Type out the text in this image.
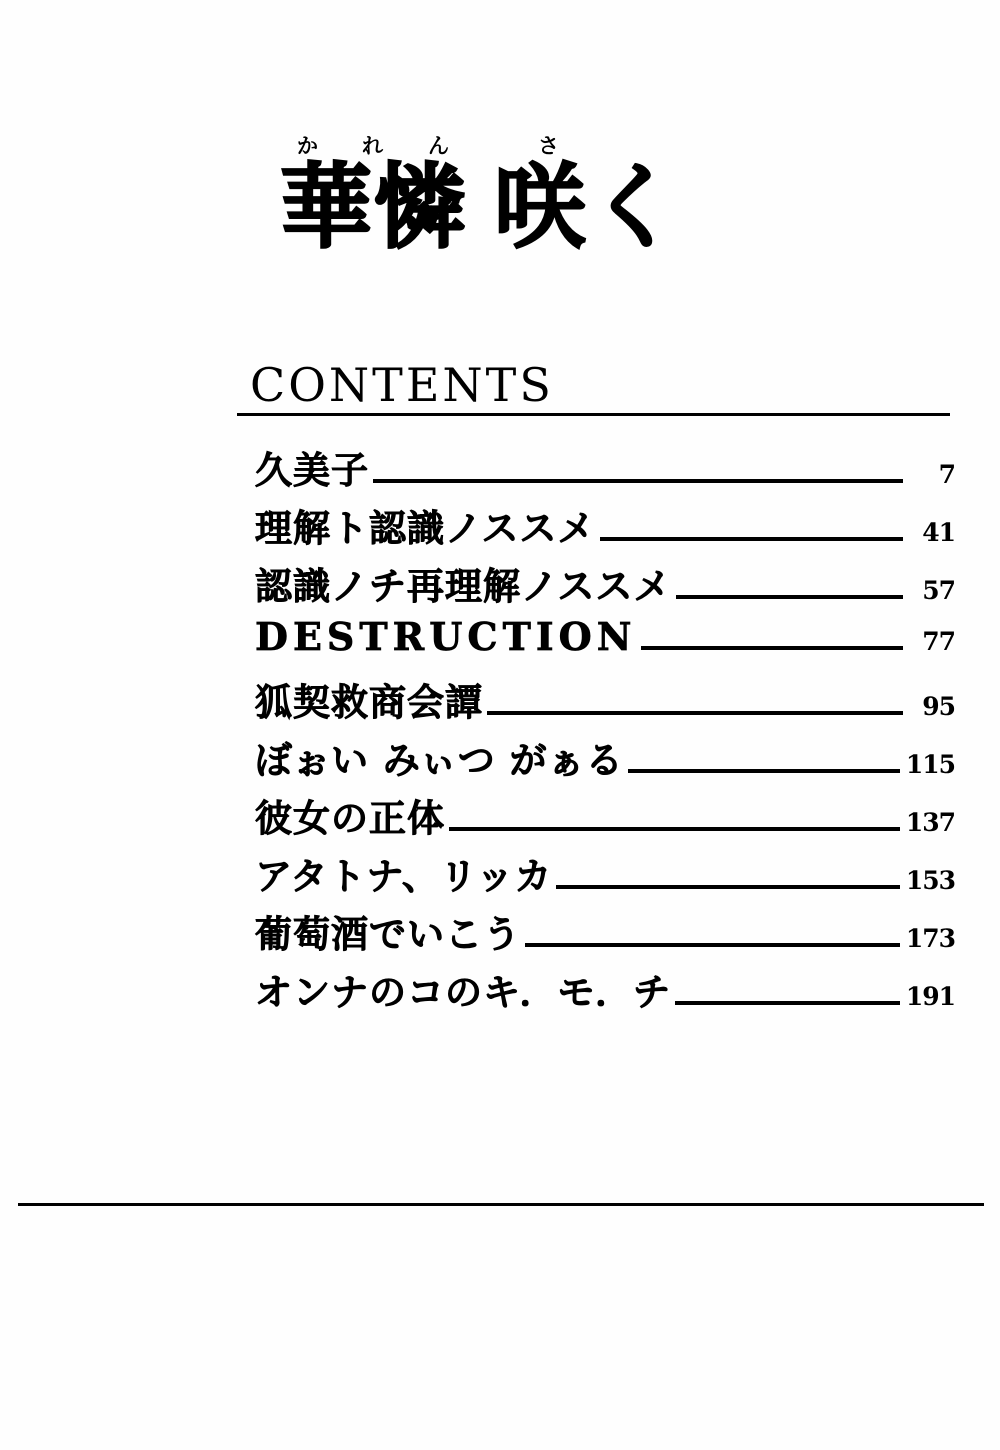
か れ ん	さ
華憐 咲く
CONTENTS
久美子	7
理解ト認識ノススメ	41
認識ノチ再理解ノススメ	57
DESTRUCTION	77
狐契救商会譚	95
ぼぉい みぃつ がぁる	115
彼女の正体	137
アタトナ、リッカ	153
葡萄酒でいこう	173
オンナのコのキ．モ．チ	191
